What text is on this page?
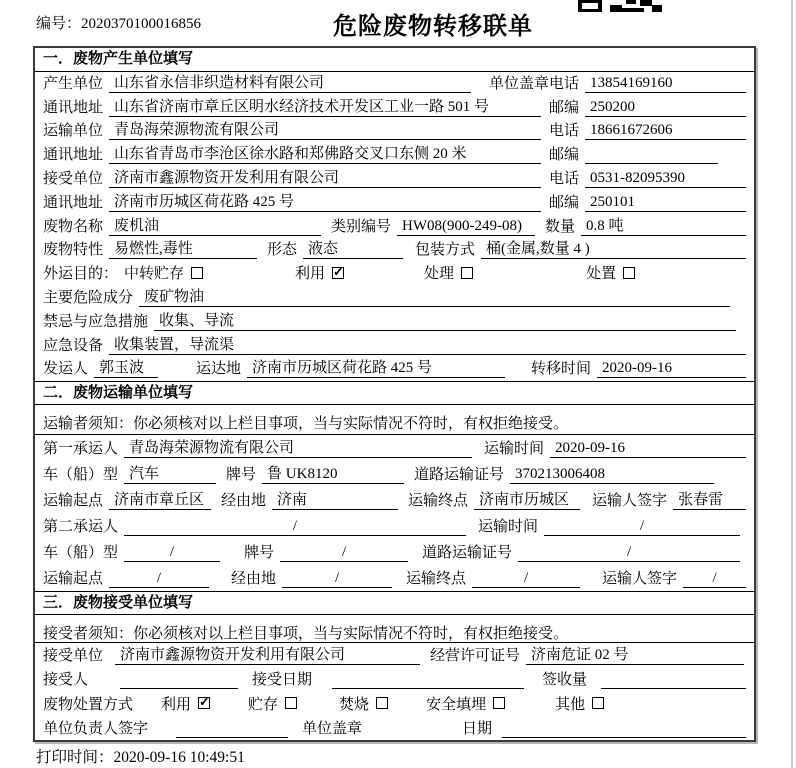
编号：2020370100016856	危险废物转移联单
一．废物产生单位填写
产生单位 山东省永信非织造材料有限公司	单位盖章 电话 13854169160
通讯地址 山东省济南市章丘区明水经济技术开发区工业一路 501 号	邮编 250200
运输单位 青岛海荣源物流有限公司	电话 18661672606
通讯地址 山东省青岛市李沧区徐水路和郑佛路交叉口东侧 20 米	邮编
接受单位 济南市鑫源物资开发利用有限公司	电话 0531-82095390
通讯地址 济南市历城区荷花路 425 号	邮编 250101
废物名称 废机油	类别编号 HW08(900-249-08)	数量 0.8 吨
废物特性 易燃性,毒性	形态 液态	包装方式 桶(金属,数量 4 )
外运目的： 中转贮存	利用 ✓	处理	处置
主要危险成分 废矿物油
禁忌与应急措施 收集、导流
应急设备 收集装置，导流渠
发运人 郭玉波	运达地 济南市历城区荷花路 425 号	转移时间 2020-09-16
二．废物运输单位填写
运输者须知：你必须核对以上栏目事项，当与实际情况不符时，有权拒绝接受。
第一承运人 青岛海荣源物流有限公司	运输时间 2020-09-16
车（船）型 汽车	牌号 鲁 UK8120	道路运输证号 370213006408
运输起点 济南市章丘区	经由地 济南	运输终点 济南市历城区	运输人签字 张春雷
第二承运人	/	运输时间	/
车（船）型	/	牌号	/	道路运输证号	/
运输起点	/	经由地	/	运输终点	/	运输人签字	/
三．废物接受单位填写
接受者须知：你必须核对以上栏目事项，当与实际情况不符时，有权拒绝接受。
接受单位	济南市鑫源物资开发利用有限公司	经营许可证号 济南危证 02 号
接受人	接受日期	签收量
废物处置方式 利用 ✓	贮存	焚烧	安全填埋	其他
单位负责人签字	单位盖章	日期
打印时间：2020-09-16 10:49:51
